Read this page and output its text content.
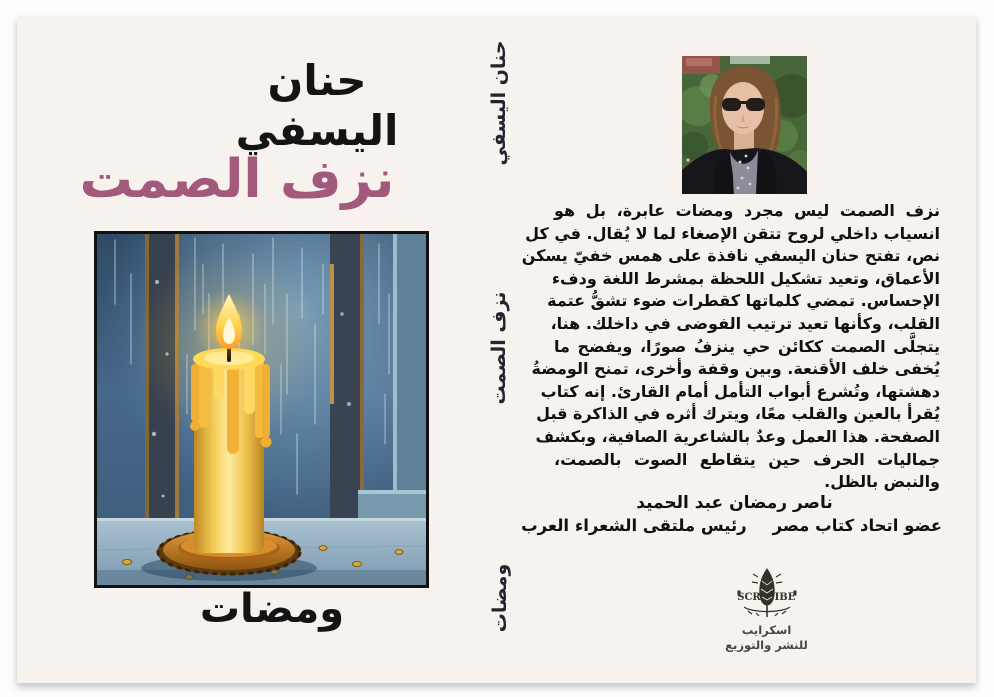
حنان اليسفي
نزف الصمت
ومضات
حنان اليسفي
نزف الصمت
ومضات
نزف الصمت ليس مجرد ومضات عابرة، بل هو
انسياب داخلي لروح تتقن الإصغاء لما لا يُقال. في كل
نص، تفتح حنان اليسفي نافذة على همس خفيّ يسكن
الأعماق، وتعيد تشكيل اللحظة بمشرط اللغة ودفء
الإحساس. تمضي كلماتها كقطرات ضوء تشقُّ عتمة
القلب، وكأنها تعيد ترتيب الفوضى في داخلك. هنا،
يتجلَّى الصمت ككائن حي ينزفُ صورًا، ويفضح ما
يُخفى خلف الأقنعة. وبين وقفة وأخرى، تمنح الومضةُ
دهشتها، وتُشرع أبواب التأمل أمام القارئ. إنه كتاب
يُقرأ بالعين والقلب معًا، ويترك أثره في الذاكرة قبل
الصفحة. هذا العمل وعدٌ بالشاعرية الصافية، وبكشف
جماليات الحرف حين يتقاطع الصوت بالصمت،
والنبض بالظل.
ناصر رمضان عبد الحميد
عضو اتحاد كتاب مصررئيس ملتقى الشعراء العرب
SCR IBE
اسكرايب
للنشر والتوزيع
